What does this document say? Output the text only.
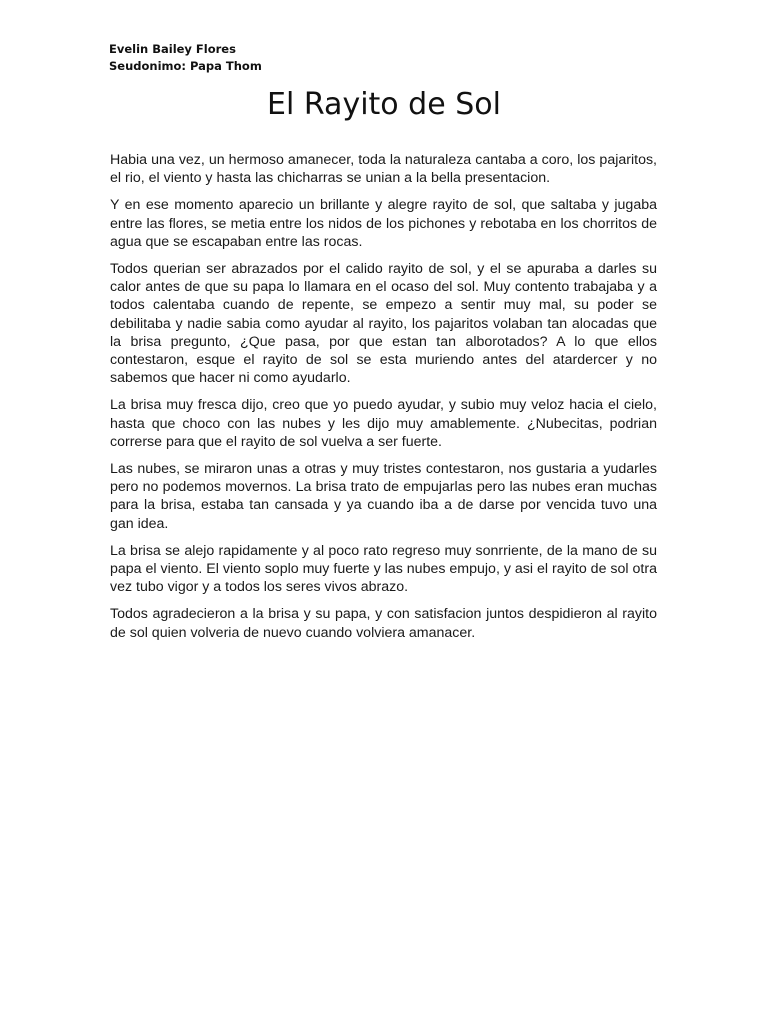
Evelin Bailey Flores
Seudonimo: Papa Thom
El Rayito de Sol

Habia una vez, un hermoso amanecer, toda la naturaleza cantaba a coro, los pajaritos, el rio, el viento y hasta las chicharras se unian a la bella presentacion.

Y en ese momento aparecio un brillante y alegre rayito de sol, que saltaba y jugaba entre las flores, se metia entre los nidos de los pichones y rebotaba en los chorritos de agua que se escapaban entre las rocas.

Todos querian ser abrazados por el calido rayito de sol, y el se apuraba a darles su calor antes de que su papa lo llamara en el ocaso del sol. Muy contento trabajaba y a todos calentaba cuando de repente, se empezo a sentir muy mal, su poder se debilitaba y nadie sabia como ayudar al rayito, los pajaritos volaban tan alocadas que la brisa pregunto, ¿Que pasa, por que estan tan alborotados? A lo que ellos contestaron, esque el rayito de sol se esta muriendo antes del atardercer y no sabemos que hacer ni como ayudarlo.

La brisa muy fresca dijo, creo que yo puedo ayudar, y subio muy veloz hacia el cielo, hasta que choco con las nubes y les dijo muy amablemente. ¿Nubecitas, podrian correrse para que el rayito de sol vuelva a ser fuerte.

Las nubes, se miraron unas a otras y muy tristes contestaron, nos gustaria a yudarles pero no podemos movernos. La brisa trato de empujarlas pero las nubes eran muchas para la brisa, estaba tan cansada y ya cuando iba a de darse por vencida tuvo una gan idea.

La brisa se alejo rapidamente y al poco rato regreso muy sonrriente, de la mano de su papa el viento. El viento soplo muy fuerte y las nubes empujo, y asi el rayito de sol otra vez tubo vigor y a todos los seres vivos abrazo.

Todos agradecieron a la brisa y su papa, y con satisfacion juntos despidieron al rayito de sol quien volveria de nuevo cuando volviera amanacer.
